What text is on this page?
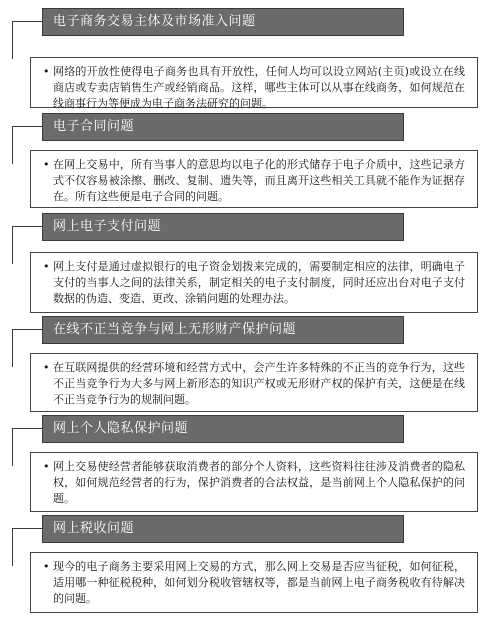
电子商务交易主体及市场准入问题
• 网络的开放性使得电子商务也具有开放性，任何人均可以设立网站(主页)或设立在线商店或专卖店销售生产或经销商品。这样，哪些主体可以从事在线商务，如何规范在线商事行为等便成为电子商务法研究的问题。
电子合同问题
• 在网上交易中，所有当事人的意思均以电子化的形式储存于电子介质中，这些记录方式不仅容易被涂擦、删改、复制、遗失等，而且离开这些相关工具就不能作为证据存在。所有这些便是电子合同的问题。
网上电子支付问题
• 网上支付是通过虚拟银行的电子资金划拨来完成的，需要制定相应的法律，明确电子支付的当事人之间的法律关系，制定相关的电子支付制度，同时还应出台对电子支付数据的伪造、变造、更改、涂销问题的处理办法。
在线不正当竞争与网上无形财产保护问题
• 在互联网提供的经营环境和经营方式中，会产生许多特殊的不正当的竞争行为，这些不正当竞争行为大多与网上新形态的知识产权或无形财产权的保护有关，这便是在线不正当竞争行为的规制问题。
网上个人隐私保护问题
• 网上交易使经营者能够获取消费者的部分个人资料，这些资料往往涉及消费者的隐私权，如何规范经营者的行为，保护消费者的合法权益，是当前网上个人隐私保护的问题。
网上税收问题
• 现今的电子商务主要采用网上交易的方式，那么网上交易是否应当征税，如何征税，适用哪一种征税税种，如何划分税收管辖权等，都是当前网上电子商务税收有待解决的问题。
